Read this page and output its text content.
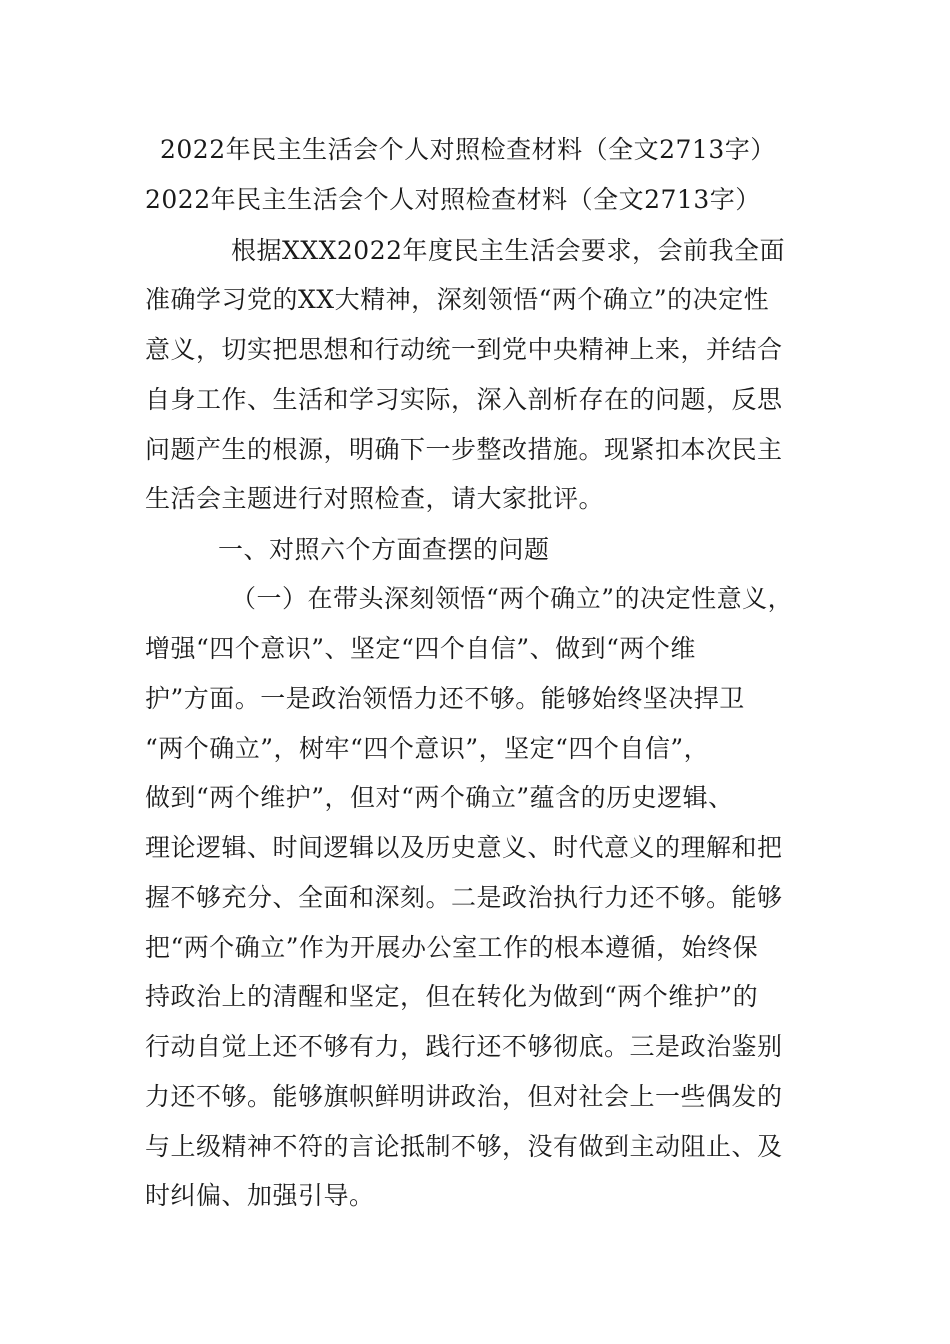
2022年民主生活会个人对照检查材料（全文2713字）
2022年民主生活会个人对照检查材料（全文2713字）
根据XXX2022年度民主生活会要求，会前我全面
准确学习党的XX大精神，深刻领悟“两个确立”的决定性
意义，切实把思想和行动统一到党中央精神上来，并结合
自身工作、生活和学习实际，深入剖析存在的问题，反思
问题产生的根源，明确下一步整改措施。现紧扣本次民主
生活会主题进行对照检查，请大家批评。
一、对照六个方面查摆的问题
（一）在带头深刻领悟“两个确立”的决定性意义，
增强“四个意识”、坚定“四个自信”、做到“两个维
护”方面。一是政治领悟力还不够。能够始终坚决捍卫
“两个确立”，树牢“四个意识”，坚定“四个自信”，
做到“两个维护”，但对“两个确立”蕴含的历史逻辑、
理论逻辑、时间逻辑以及历史意义、时代意义的理解和把
握不够充分、全面和深刻。二是政治执行力还不够。能够
把“两个确立”作为开展办公室工作的根本遵循，始终保
持政治上的清醒和坚定，但在转化为做到“两个维护”的
行动自觉上还不够有力，践行还不够彻底。三是政治鉴别
力还不够。能够旗帜鲜明讲政治，但对社会上一些偶发的
与上级精神不符的言论抵制不够，没有做到主动阻止、及
时纠偏、加强引导。
